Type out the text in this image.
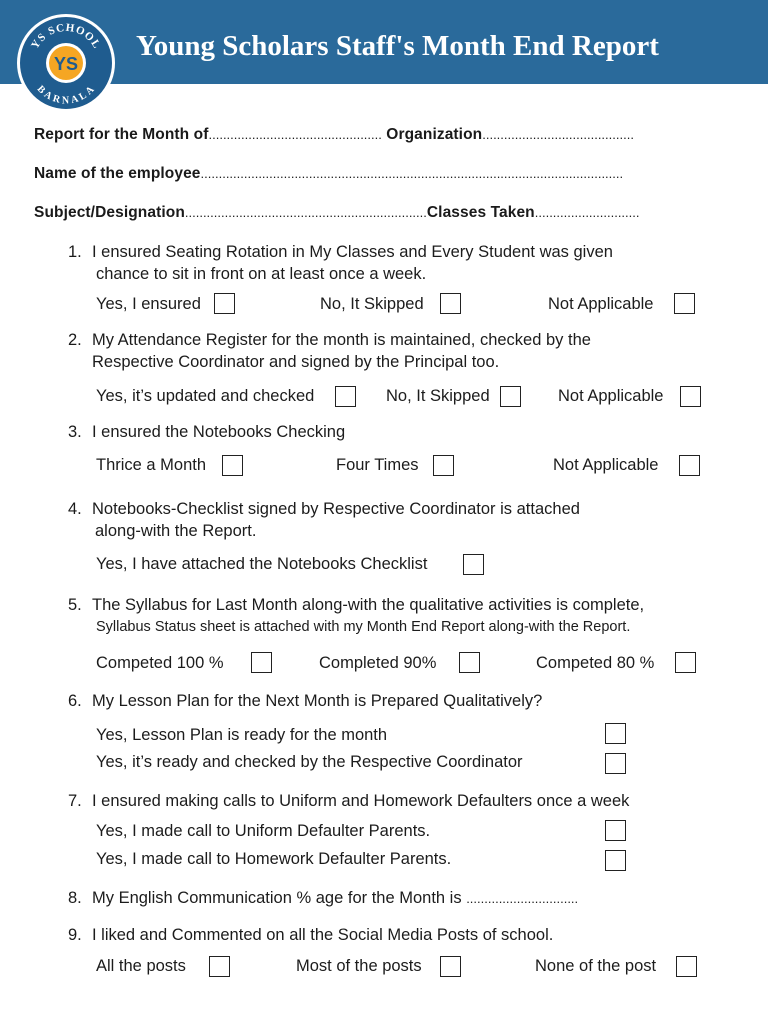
Young Scholars Staff's Month End Report
YS SCHOOL
BARNALA
YS
Report for the Month of................................................ Organization..........................................
Name of the employee.....................................................................................................................
Subject/Designation...................................................................Classes Taken.............................
1. I ensured Seating Rotation in My Classes and Every Student was given
chance to sit in front on at least once a week.
Yes, I ensured	No, It Skipped	Not Applicable
2. My Attendance Register for the month is maintained, checked by the
Respective Coordinator and signed by the Principal too.
Yes, it’s updated and checked	No, It Skipped	Not Applicable
3. I ensured the Notebooks Checking
Thrice a Month	Four Times	Not Applicable
4. Notebooks-Checklist signed by Respective Coordinator is attached
along-with the Report.
Yes, I have attached the Notebooks Checklist
5. The Syllabus for Last Month along-with the qualitative activities is complete,
Syllabus Status sheet is attached with my Month End Report along-with the Report.
Competed 100 %	Completed 90%	Competed 80 %
6. My Lesson Plan for the Next Month is Prepared Qualitatively?
Yes, Lesson Plan is ready for the month
Yes, it’s ready and checked by the Respective Coordinator
7. I ensured making calls to Uniform and Homework Defaulters once a week
Yes, I made call to Uniform Defaulter Parents.
Yes, I made call to Homework Defaulter Parents.
8. My English Communication % age for the Month is ...............................
9. I liked and Commented on all the Social Media Posts of school.
All the posts	Most of the posts	None of the post
